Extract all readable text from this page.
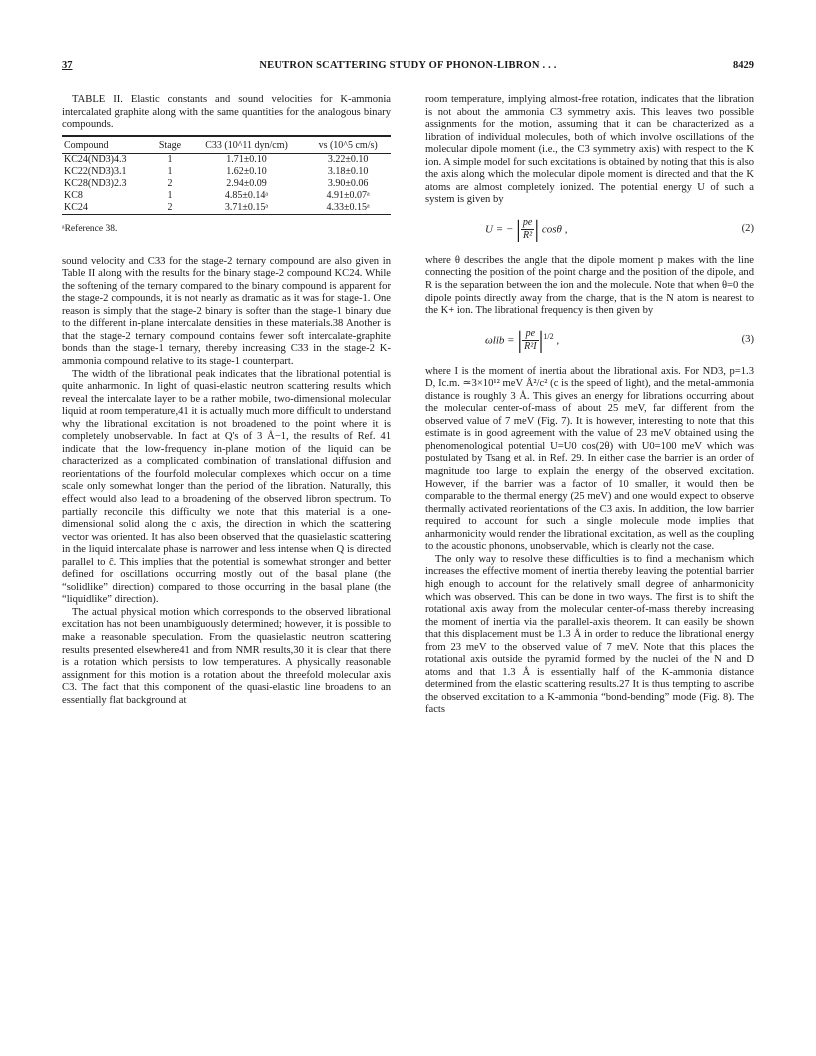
37	NEUTRON SCATTERING STUDY OF PHONON-LIBRON . . .	8429
TABLE II. Elastic constants and sound velocities for K-ammonia intercalated graphite along with the same quantities for the analogous binary compounds.

Compound	Stage	C33 (10^11 dyn/cm)	vs (10^5 cm/s)
KC24(ND3)4.3	1	1.71±0.10	3.22±0.10
KC22(ND3)3.1	1	1.62±0.10	3.18±0.10
KC28(ND3)2.3	2	2.94±0.09	3.90±0.06
KC8	1	4.85±0.14ᵃ	4.91±0.07ᵃ
KC24	2	3.71±0.15ᵃ	4.33±0.15ᵃ
ᵃReference 38.

sound velocity and C33 for the stage-2 ternary compound are also given in Table II along with the results for the binary stage-2 compound KC24. While the softening of the ternary compared to the binary compound is apparent for the stage-2 compounds, it is not nearly as dramatic as it was for stage-1. One reason is simply that the stage-2 binary is softer than the stage-1 binary due to the different in-plane intercalate densities in these materials.38 Another is that the stage-2 ternary compound contains fewer soft intercalate-graphite bonds than the stage-1 ternary, thereby increasing C33 in the stage-2 K-ammonia compound relative to its stage-1 counterpart.

The width of the librational peak indicates that the librational potential is quite anharmonic. In light of quasi-elastic neutron scattering results which reveal the intercalate layer to be a rather mobile, two-dimensional molecular liquid at room temperature,41 it is actually much more difficult to understand why the librational excitation is not broadened to the point where it is completely unobservable. In fact at Q's of 3 Å−1, the results of Ref. 41 indicate that the low-frequency in-plane motion of the liquid can be characterized as a complicated combination of translational diffusion and reorientations of the fourfold molecular complexes which occur on a time scale only somewhat longer than the period of the libration. Naturally, this effect would also lead to a broadening of the observed libron spectrum. To partially reconcile this difficulty we note that this material is a one-dimensional solid along the c axis, the direction in which the scattering vector was oriented. It has also been observed that the quasielastic scattering in the liquid intercalate phase is narrower and less intense when Q is directed parallel to ĉ. This implies that the potential is somewhat stronger and better defined for oscillations occurring mostly out of the basal plane (the “solidlike” direction) compared to those occurring in the basal plane (the “liquidlike” direction).

The actual physical motion which corresponds to the observed librational excitation has not been unambiguously determined; however, it is possible to make a reasonable speculation. From the quasielastic neutron scattering results presented elsewhere41 and from NMR results,30 it is clear that there is a rotation which persists to low temperatures. A physically reasonable assignment for this motion is a rotation about the threefold molecular axis C3. The fact that this component of the quasi-elastic line broadens to an essentially flat background at

room temperature, implying almost-free rotation, indicates that the libration is not about the ammonia C3 symmetry axis. This leaves two possible assignments for the motion, assuming that it can be characterized as a libration of individual molecules, both of which involve oscillations of the molecular dipole moment (i.e., the C3 symmetry axis) with respect to the K ion. A simple model for such excitations is obtained by noting that this is also the axis along which the molecular dipole moment is directed and that the K atoms are almost completely ionized. The potential energy U of such a system is given by

U = − | $\frac{pe}{\text{R²}}$ | cosθ ,	(2)

where θ describes the angle that the dipole moment p makes with the line connecting the position of the point charge and the position of the dipole, and R is the separation between the ion and the molecule. Note that when θ=0 the dipole points directly away from the charge, that is the N atom is nearest to the K+ ion. The librational frequency is then given by

ωlib = | $\frac{pe}{\text{R²I}} |^{1/2}$ ,	(3)

where I is the moment of inertia about the librational axis. For ND3, p=1.3 D, Ic.m. ≃3×10¹² meV Å²/c² (c is the speed of light), and the metal-ammonia distance is roughly 3 Å. This gives an energy for librations occurring about the molecular center-of-mass of about 25 meV, far different from the observed value of 7 meV (Fig. 7). It is however, interesting to note that this estimate is in good agreement with the value of 23 meV obtained using the phenomenological potential U=U0 cos(2θ) with U0=100 meV which was postulated by Tsang et al. in Ref. 29. In either case the barrier is an order of magnitude too large to explain the energy of the observed excitation. However, if the barrier was a factor of 10 smaller, it would then be comparable to the thermal energy (25 meV) and one would expect to observe thermally activated reorientations of the C3 axis. In addition, the low barrier required to account for such a single molecule mode implies that anharmonicity would render the librational excitation, as well as the coupling to the acoustic phonons, unobservable, which is clearly not the case.

The only way to resolve these difficulties is to find a mechanism which increases the effective moment of inertia thereby leaving the potential barrier high enough to account for the relatively small degree of anharmonicity which was observed. This can be done in two ways. The first is to shift the rotational axis away from the molecular center-of-mass thereby increasing the moment of inertia via the parallel-axis theorem. It can easily be shown that this displacement must be 1.3 Å in order to reduce the librational energy from 23 meV to the observed value of 7 meV. Note that this places the rotational axis outside the pyramid formed by the nuclei of the N and D atoms and that 1.3 Å is essentially half of the K-ammonia distance determined from the elastic scattering results.27 It is thus tempting to ascribe the observed excitation to a K-ammonia “bond-bending” mode (Fig. 8). The facts
